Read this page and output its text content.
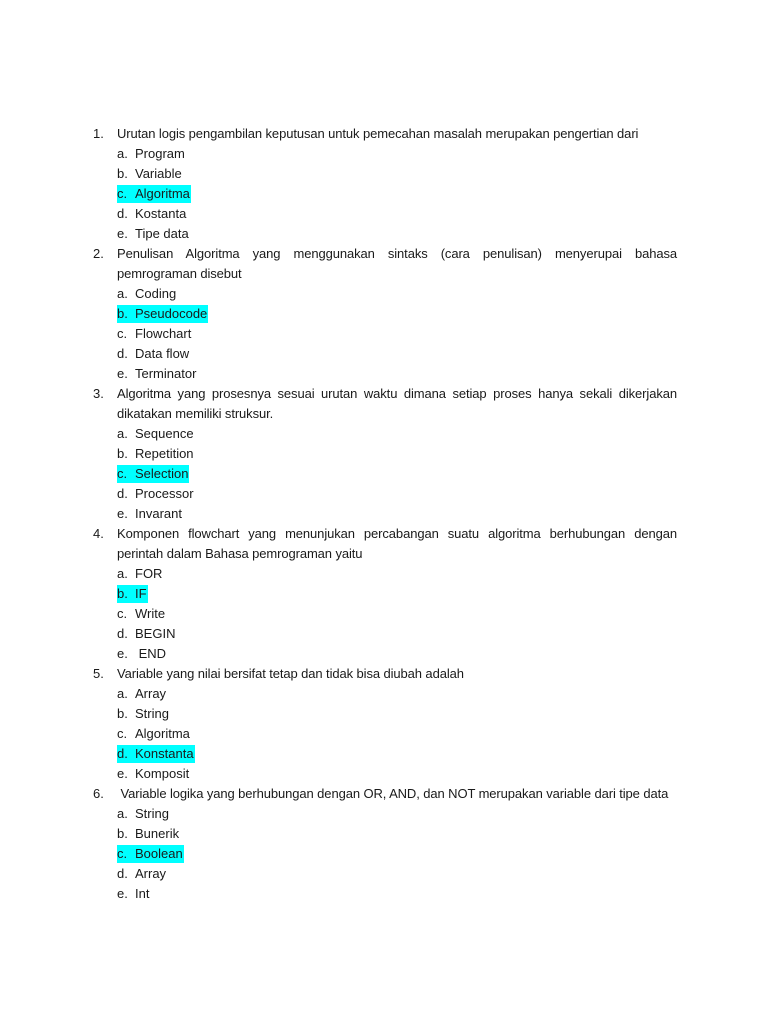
1.	Urutan logis pengambilan keputusan untuk pemecahan masalah merupakan pengertian dari
a. Program
b. Variable
c. Algoritma
d. Kostanta
e. Tipe data
2.	Penulisan Algoritma yang menggunakan sintaks (cara penulisan) menyerupai bahasa pemrograman disebut
a. Coding
b. Pseudocode
c. Flowchart
d. Data flow
e. Terminator
3.	Algoritma yang prosesnya sesuai urutan waktu dimana setiap proses hanya sekali dikerjakan dikatakan memiliki struksur.
a. Sequence
b. Repetition
c. Selection
d. Processor
e. Invarant
4.	Komponen flowchart yang menunjukan percabangan suatu algoritma berhubungan dengan perintah dalam Bahasa pemrograman yaitu
a. FOR
b. IF
c. Write
d. BEGIN
e. END
5.	Variable yang nilai bersifat tetap dan tidak bisa diubah adalah
a. Array
b. String
c. Algoritma
d. Konstanta
e. Komposit
6.	Variable logika yang berhubungan dengan OR, AND, dan NOT merupakan variable dari tipe data
a. String
b. Bunerik
c. Boolean
d. Array
e. Int
